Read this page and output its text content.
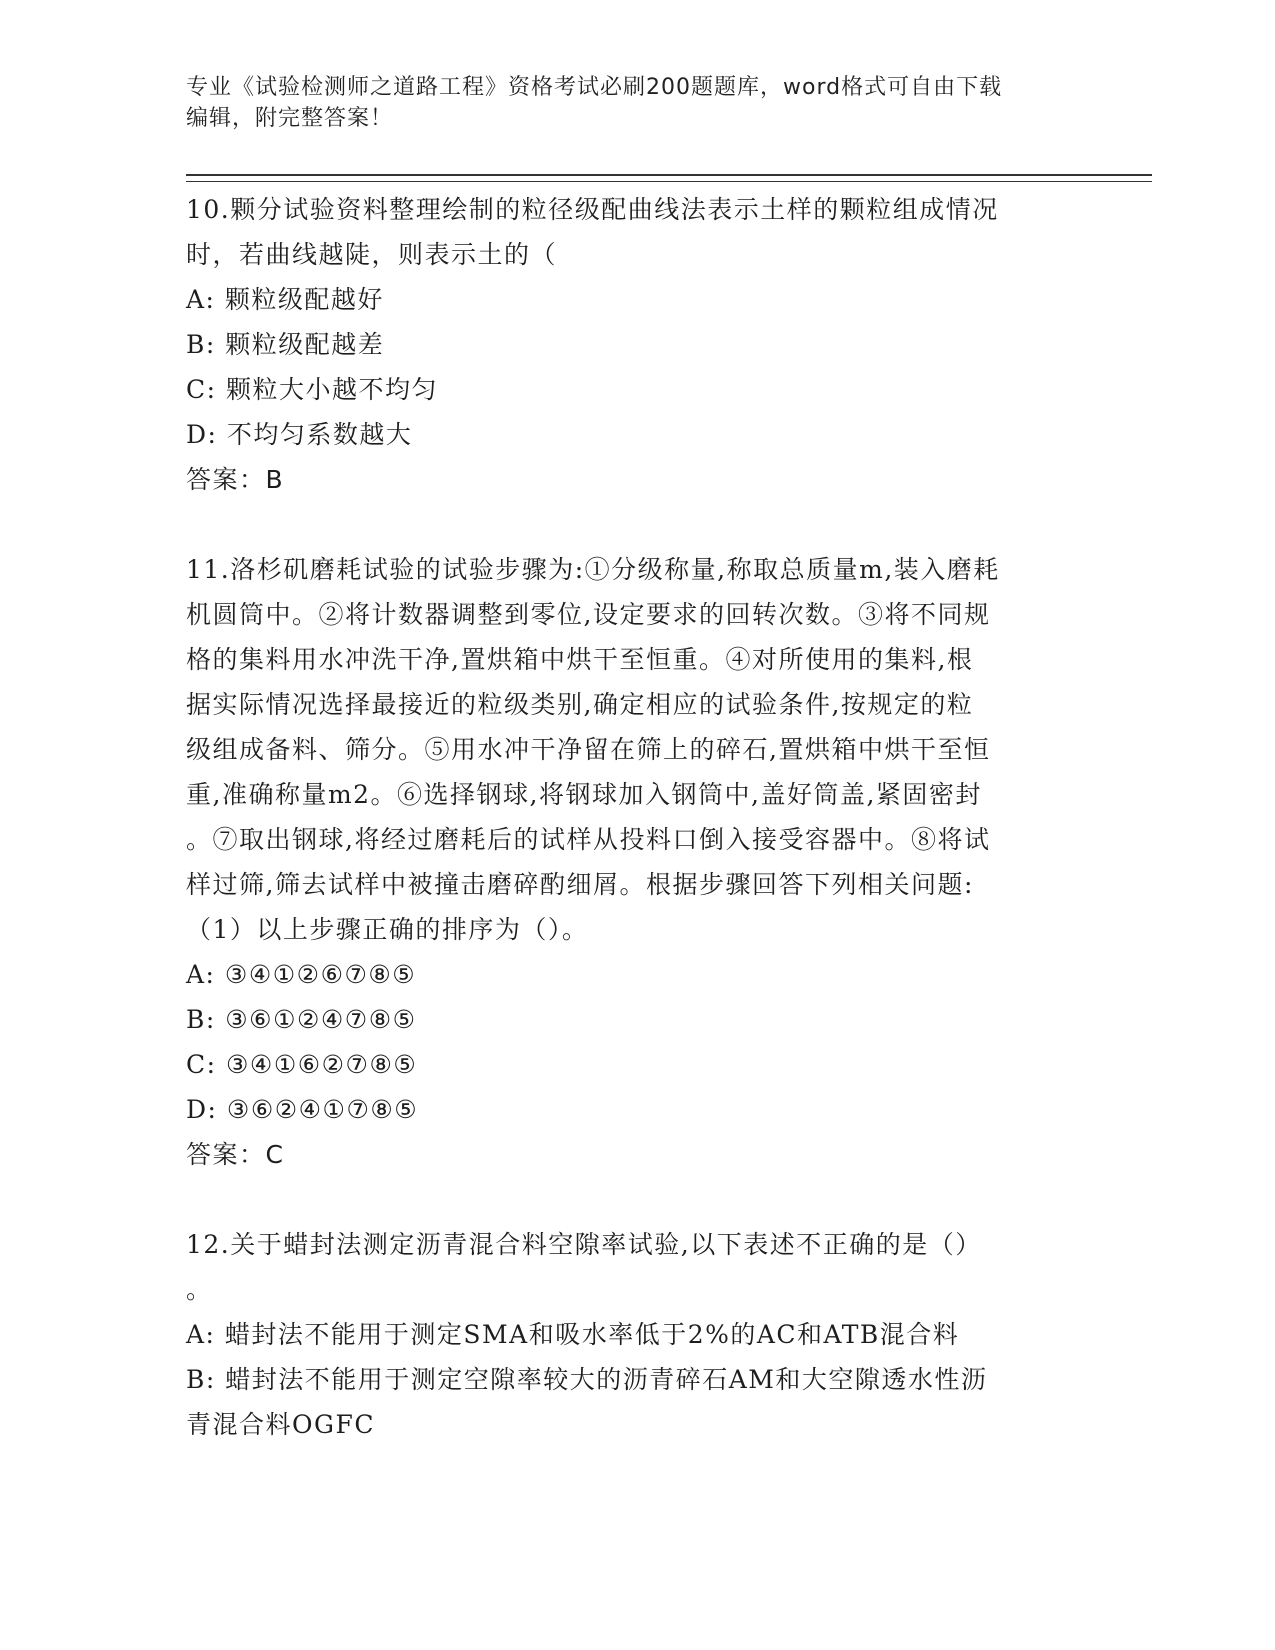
专业《试验检测师之道路工程》资格考试必刷200题题库，word格式可自由下载
编辑，附完整答案！

10.颗分试验资料整理绘制的粒径级配曲线法表示土样的颗粒组成情况

时，若曲线越陡，则表示土的（

A: 颗粒级配越好

B: 颗粒级配越差

C: 颗粒大小越不均匀

D: 不均匀系数越大

答案：B

11.洛杉矶磨耗试验的试验步骤为:①分级称量,称取总质量m,装入磨耗

机圆筒中。②将计数器调整到零位,设定要求的回转次数。③将不同规

格的集料用水冲洗干净,置烘箱中烘干至恒重。④对所使用的集料,根

据实际情况选择最接近的粒级类别,确定相应的试验条件,按规定的粒

级组成备料、筛分。⑤用水冲干净留在筛上的碎石,置烘箱中烘干至恒

重,准确称量m2。⑥选择钢球,将钢球加入钢筒中,盖好筒盖,紧固密封

。⑦取出钢球,将经过磨耗后的试样从投料口倒入接受容器中。⑧将试

样过筛,筛去试样中被撞击磨碎酌细屑。根据步骤回答下列相关问题:

（1）以上步骤正确的排序为（）。

A: ③④①②⑥⑦⑧⑤

B: ③⑥①②④⑦⑧⑤

C: ③④①⑥②⑦⑧⑤

D: ③⑥②④①⑦⑧⑤

答案：C

12.关于蜡封法测定沥青混合料空隙率试验,以下表述不正确的是（）

。

A: 蜡封法不能用于测定SMA和吸水率低于2%的AC和ATB混合料

B: 蜡封法不能用于测定空隙率较大的沥青碎石AM和大空隙透水性沥

青混合料OGFC
